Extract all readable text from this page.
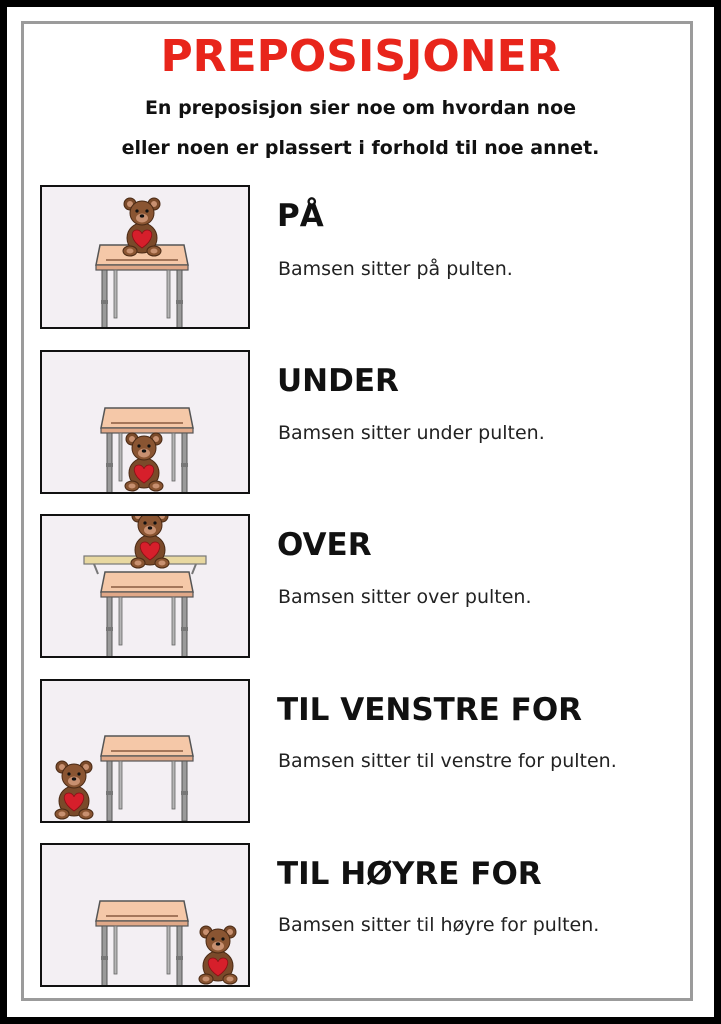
PREPOSISJONER
En preposisjon sier noe om hvordan noe
eller noen er plassert i forhold til noe annet.
PÅ
Bamsen sitter på pulten.
UNDER
Bamsen sitter under pulten.
OVER
Bamsen sitter over pulten.
TIL VENSTRE FOR
Bamsen sitter til venstre for pulten.
TIL HØYRE FOR
Bamsen sitter til høyre for pulten.
